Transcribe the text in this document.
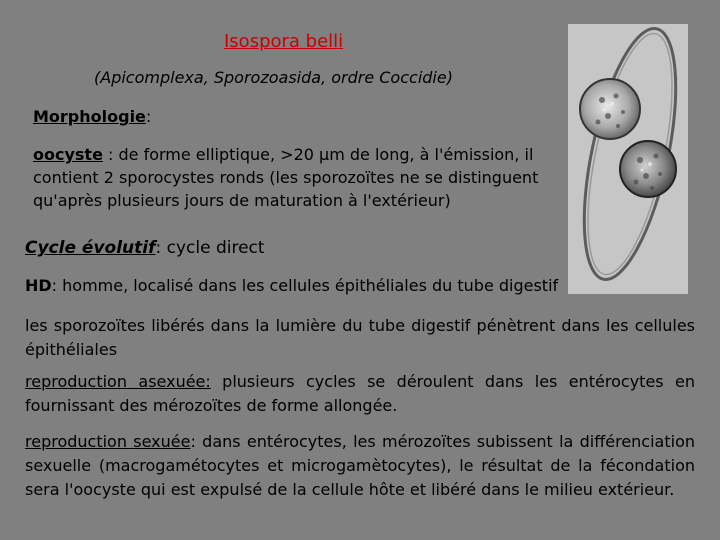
Isospora belli
(Apicomplexa, Sporozoasida, ordre Coccidie)
Morphologie:
oocyste : de forme elliptique, >20 µm de long, à l'émission, il contient 2 sporocystes ronds (les sporozoïtes ne se distinguent qu'après plusieurs jours de maturation à l'extérieur)
Cycle évolutif: cycle direct
HD: homme, localisé dans les cellules épithéliales du tube digestif
les sporozoïtes libérés dans la lumière du tube digestif pénètrent dans les cellules épithéliales
reproduction asexuée: plusieurs cycles se déroulent dans les entérocytes en fournissant des mérozoïtes de forme allongée.
reproduction sexuée: dans entérocytes, les mérozoïtes subissent la différenciation sexuelle (macrogamétocytes et microgamètocytes), le résultat de la fécondation sera l'oocyste qui est expulsé de la cellule hôte et libéré dans le milieu extérieur.
